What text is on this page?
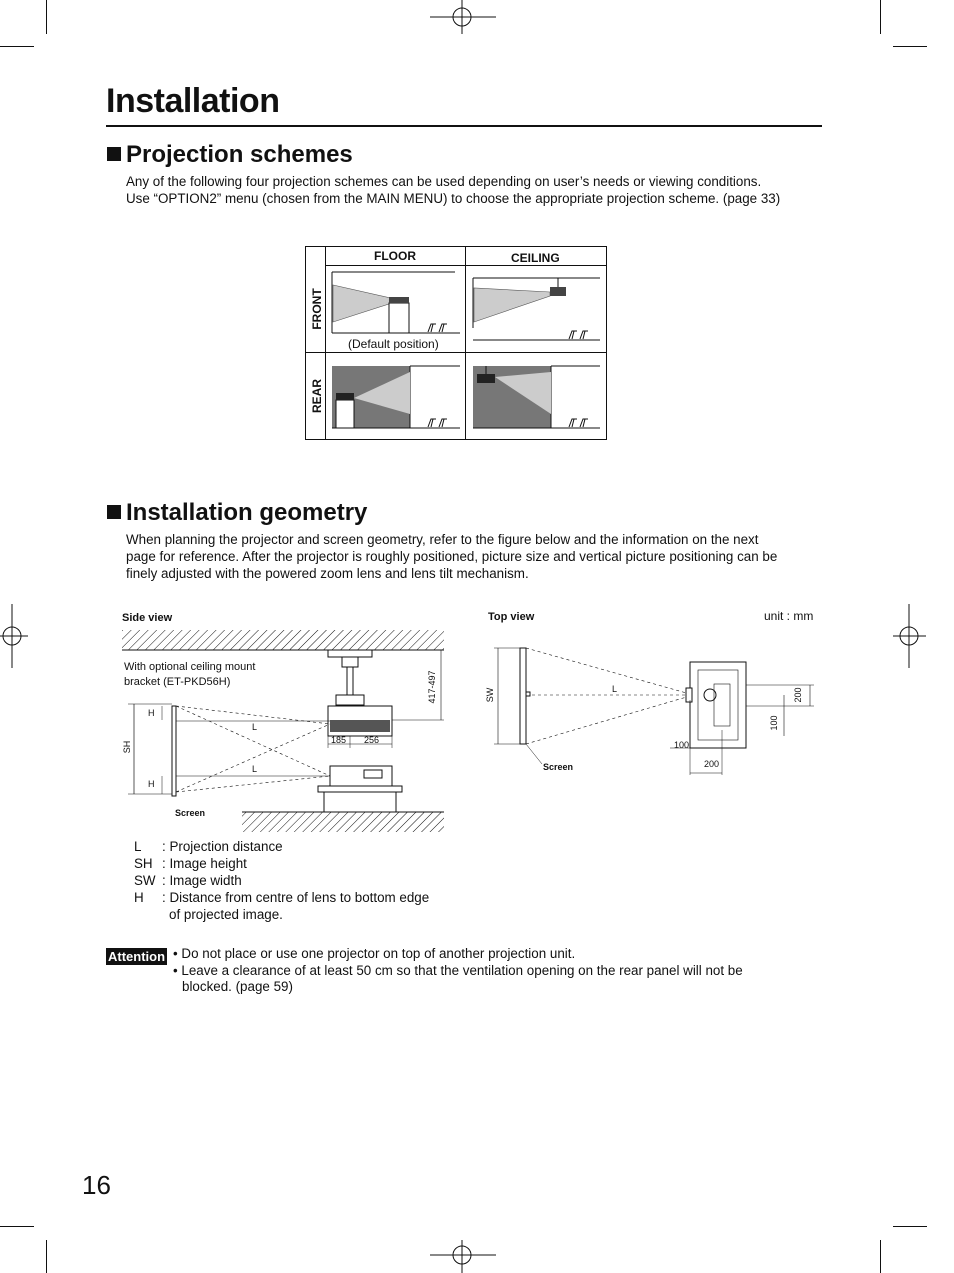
Installation
Projection schemes
Any of the following four projection schemes can be used depending on user’s needs or viewing conditions.
Use “OPTION2” menu (chosen from the MAIN MENU) to choose the appropriate projection scheme. (page 33)
FLOOR	CEILING
FRONT
REAR
(Default position)
Installation geometry
When planning the projector and screen geometry, refer to the figure below and the information on the next
page for reference. After the projector is roughly positioned, picture size and vertical picture positioning can be
finely adjusted with the powered zoom lens and lens tilt mechanism.
Side view
With optional ceiling mount
bracket (ET-PKD56H)	417-497
185 256
H
H
SH
L
L
Screen
Top view	unit : mm
SW	L	200
100
100
200
Screen
L : Projection distance
SH : Image height
SW : Image width
H : Distance from centre of lens to bottom edge
of projected image.
Attention • Do not place or use one projector on top of another projection unit.
• Leave a clearance of at least 50 cm so that the ventilation opening on the rear panel will not be
blocked. (page 59)
16
